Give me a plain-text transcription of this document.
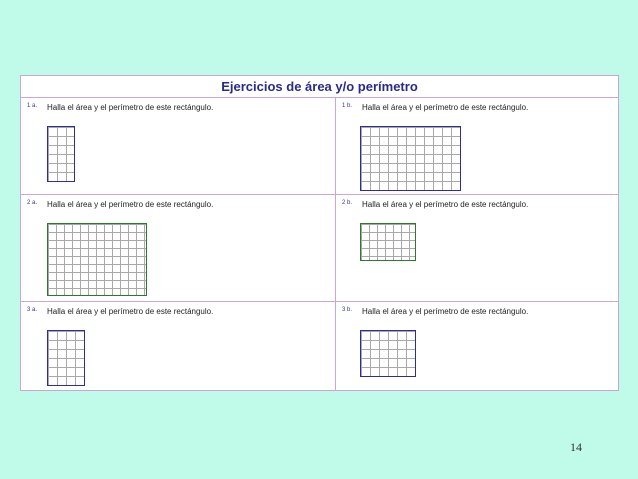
Ejercicios de área y/o perímetro
1 a. Halla el área y el perímetro de este rectángulo.	1 b. Halla el área y el perímetro de este rectángulo.
2 a. Halla el área y el perímetro de este rectángulo.	2 b. Halla el área y el perímetro de este rectángulo.
3 a. Halla el área y el perímetro de este rectángulo.	3 b. Halla el área y el perímetro de este rectángulo.
14
